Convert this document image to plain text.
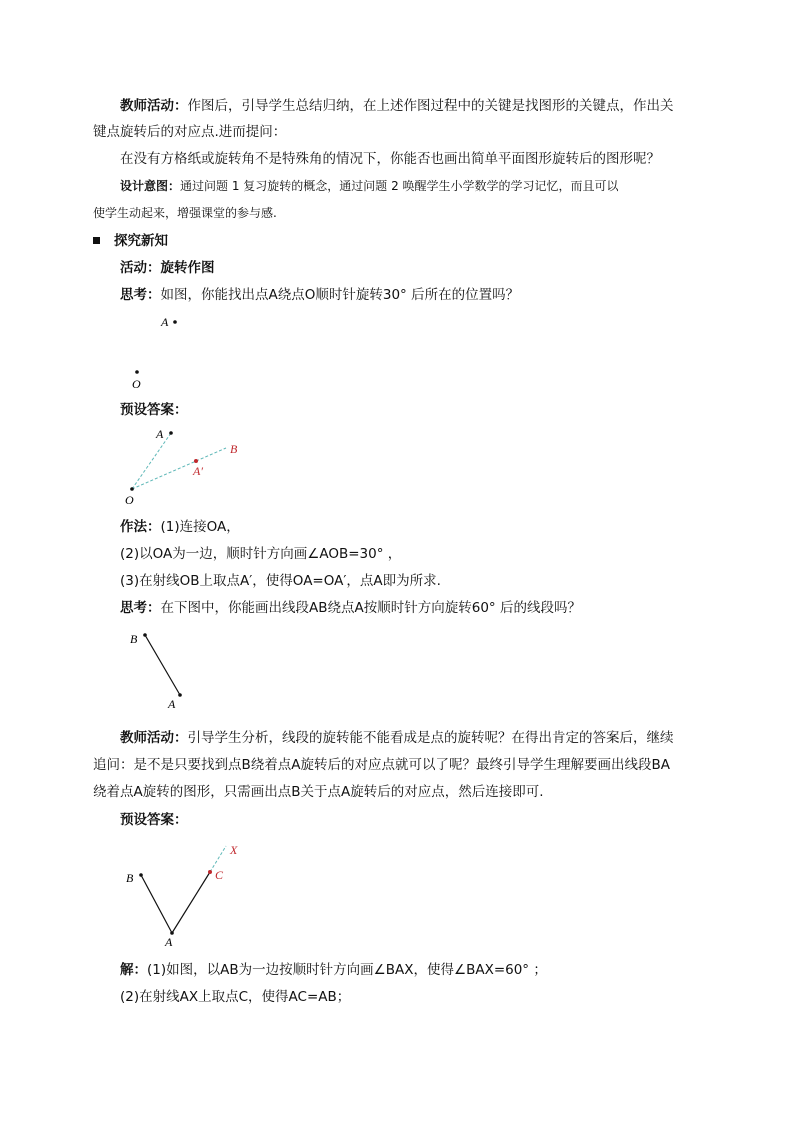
教师活动：作图后，引导学生总结归纳，在上述作图过程中的关键是找图形的关键点，作出关
键点旋转后的对应点.进而提问：
在没有方格纸或旋转角不是特殊角的情况下，你能否也画出简单平面图形旋转后的图形呢？
设计意图：通过问题 1 复习旋转的概念，通过问题 2 唤醒学生小学数学的学习记忆，而且可以
使学生动起来，增强课堂的参与感.
探究新知
活动：旋转作图
思考：如图，你能找出点A绕点O顺时针旋转30° 后所在的位置吗？
A
O
预设答案：
A
B
A′
O
作法：(1)连接OA，
(2)以OA为一边，顺时针方向画∠AOB=30° ，
(3)在射线OB上取点A′，使得OA=OA′，点A即为所求.
思考：在下图中，你能画出线段AB绕点A按顺时针方向旋转60° 后的线段吗？
B
A
教师活动：引导学生分析，线段的旋转能不能看成是点的旋转呢？在得出肯定的答案后，继续
追问：是不是只要找到点B绕着点A旋转后的对应点就可以了呢？最终引导学生理解要画出线段BA
绕着点A旋转的图形，只需画出点B关于点A旋转后的对应点，然后连接即可.
预设答案：
B
A
C
X
解：(1)如图，以AB为一边按顺时针方向画∠BAX，使得∠BAX=60° ；
(2)在射线AX上取点C，使得AC=AB；
